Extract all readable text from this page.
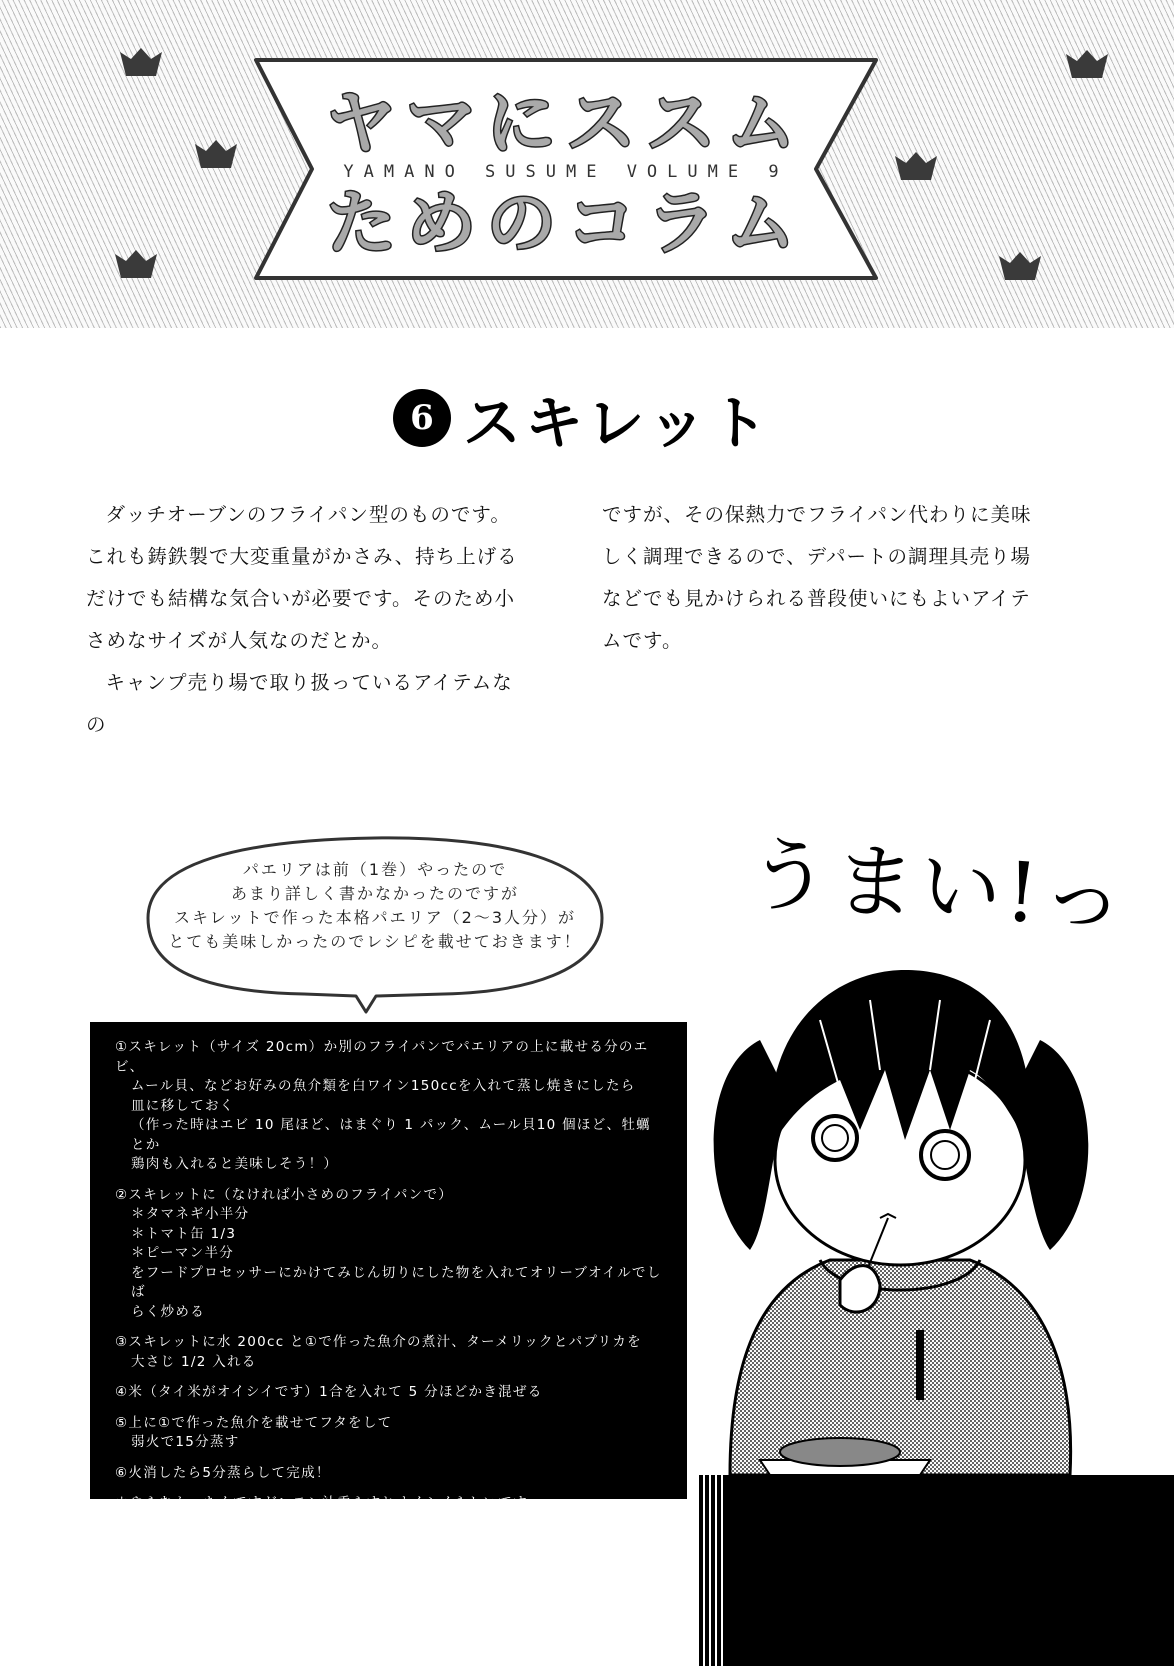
ヤマにススム
YAMANO SUSUME VOLUME 9
ためのコラム
6 スキレット

ダッチオーブンのフライパン型のものです。これも鋳鉄製で大変重量がかさみ、持ち上げるだけでも結構な気合いが必要です。そのため小さめなサイズが人気なのだとか。

キャンプ売り場で取り扱っているアイテムなの

ですが、その保熱力でフライパン代わりに美味しく調理できるので、デパートの調理具売り場などでも見かけられる普段使いにもよいアイテムです。

パエリアは前（1巻）やったので
あまり詳しく書かなかったのですが
スキレットで作った本格パエリア（2〜3人分）が
とても美味しかったのでレシピを載せておきます！
①スキレット（サイズ 20cm）か別のフライパンでパエリアの上に載せる分のエビ、
ムール貝、などお好みの魚介類を白ワイン150ccを入れて蒸し焼きにしたら
皿に移しておく
（作った時はエビ 10 尾ほど、はまぐり 1 パック、ムール貝10 個ほど、牡蠣とか
鶏肉も入れると美味しそう！）
②スキレットに（なければ小さめのフライパンで）
＊タマネギ小半分
＊トマト缶 1/3
＊ピーマン半分
をフードプロセッサーにかけてみじん切りにした物を入れてオリーブオイルでしば
らく炒める
③スキレットに水 200cc と①で作った魚介の煮汁、ターメリックとパプリカを
大さじ 1/2 入れる
④米（タイ米がオイシイです）1合を入れて 5 分ほどかき混ぜる
⑤上に①で作った魚介を載せてフタをして
弱火で15分蒸す
⑥火消したら5分蒸らして完成！
＊やらなかったんですがレモン汁垂らすとオイシイらしいです
うまい!っ
